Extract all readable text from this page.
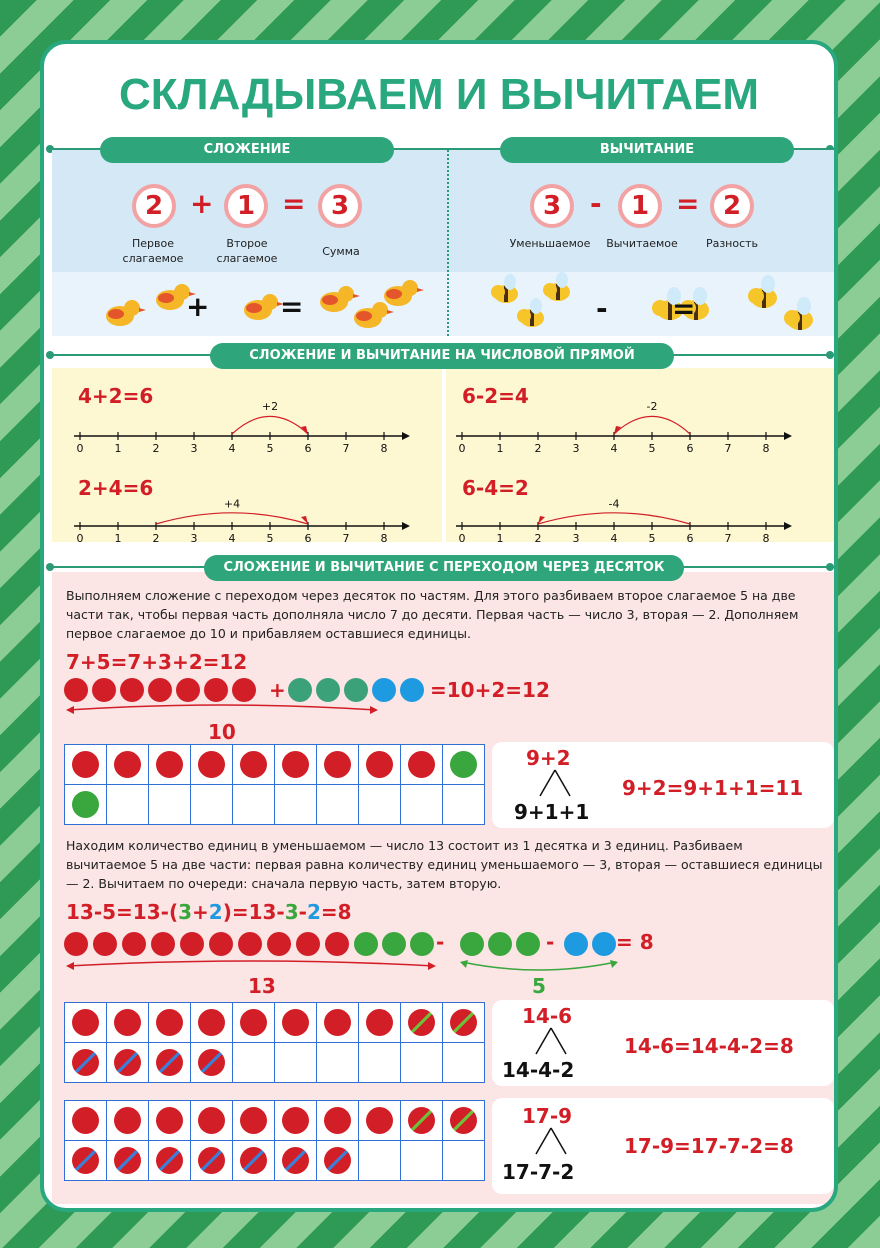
СКЛАДЫВАЕМ И ВЫЧИТАЕМ
СЛОЖЕНИЕ	ВЫЧИТАНИЕ
2 + 1 = 3
Первое слагаемое
Второе слагаемое
Сумма
3	-	1 = 2
Уменьшаемое	Вычитаемое	Разность
+	=	- =
СЛОЖЕНИЕ И ВЫЧИТАНИЕ НА ЧИСЛОВОЙ ПРЯМОЙ
4+2=6	6-2=4
2+4=6	6-4=2
0	1	2	3	4	5	6	7	8
+2
0	1	2	3	4	5	6	7	8
-2
0	1	2	3	4	5	6	7	8
+4
0	1	2	3	4	5	6	7	8
-4
СЛОЖЕНИЕ И ВЫЧИТАНИЕ С ПЕРЕХОДОМ ЧЕРЕЗ ДЕСЯТОК
Выполняем сложение с переходом через десяток по частям. Для этого разбиваем второе слагаемое 5 на две части так, чтобы первая часть дополняла число 7 до десяти. Первая часть — число 3, вторая — 2. Дополняем первое слагаемое до 10 и прибавляем оставшиеся единицы.
7+5=7+3+2=12
+	=10+2=12
10

9+2
9+1+1
9+2=9+1+1=11
Находим количество единиц в уменьшаемом — число 13 состоит из 1 десятка и 3 единиц. Разбиваем вычитаемое 5 на две части: первая равна количеству единиц уменьшаемого — 3, вторая — оставшиеся единицы — 2. Вычитаем по очереди: сначала первую часть, затем вторую.
13-5=13-(3+2)=13-3-2=8
-	-	= 8
13	5

14-6
14-4-2
14-6=14-4-2=8

17-9
17-7-2
17-9=17-7-2=8
